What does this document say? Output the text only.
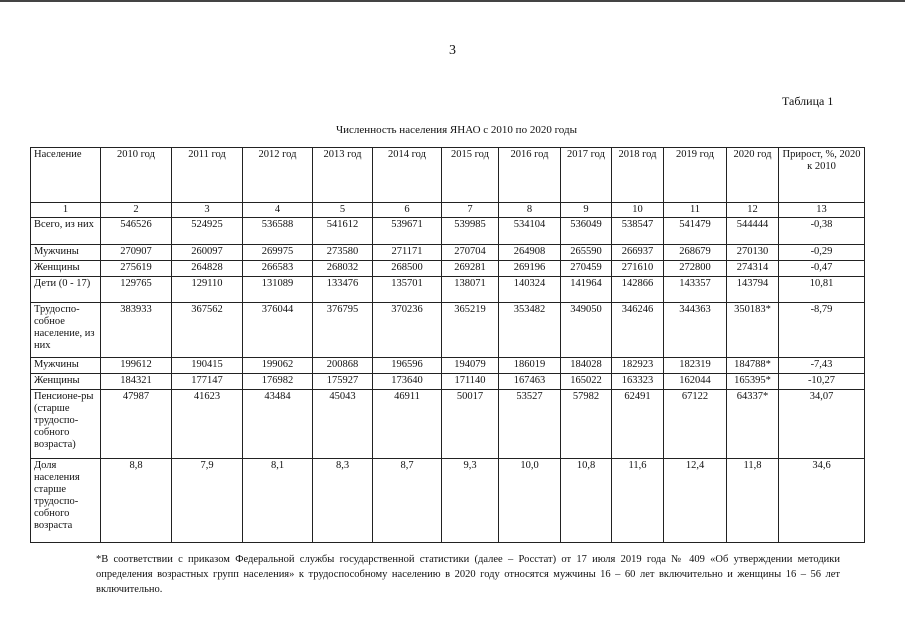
3
Таблица 1
Численность населения ЯНАО с 2010 по 2020 годы
Население	2010 год	2011 год	2012 год	2013 год	2014 год	2015 год	2016 год	2017 год	2018 год	2019 год	2020 год	Прирост, %, 2020 к 2010
1	2	3	4	5	6	7	8	9	10	11	12	13
Всего, из них	546526	524925	536588	541612	539671	539985	534104	536049	538547	541479	544444	-0,38
Мужчины	270907	260097	269975	273580	271171	270704	264908	265590	266937	268679	270130	-0,29
Женщины	275619	264828	266583	268032	268500	269281	269196	270459	271610	272800	274314	-0,47
Дети (0 - 17)	129765	129110	131089	133476	135701	138071	140324	141964	142866	143357	143794	10,81
Трудоспо-собное население, из них	383933	367562	376044	376795	370236	365219	353482	349050	346246	344363	350183*	-8,79
Мужчины	199612	190415	199062	200868	196596	194079	186019	184028	182923	182319	184788*	-7,43
Женщины	184321	177147	176982	175927	173640	171140	167463	165022	163323	162044	165395*	-10,27
Пенсионе-ры (старше трудоспо-собного возраста)	47987	41623	43484	45043	46911	50017	53527	57982	62491	67122	64337*	34,07
Доля населения старше трудоспо-собного возраста	8,8	7,9	8,1	8,3	8,7	9,3	10,0	10,8	11,6	12,4	11,8	34,6
*В соответствии с приказом Федеральной службы государственной статистики (далее – Росстат) от 17 июля 2019 года № 409 «Об утверждении методики определения возрастных групп населения» к трудоспособному населению в 2020 году относятся мужчины 16 – 60 лет включительно и женщины 16 – 56 лет включительно.
